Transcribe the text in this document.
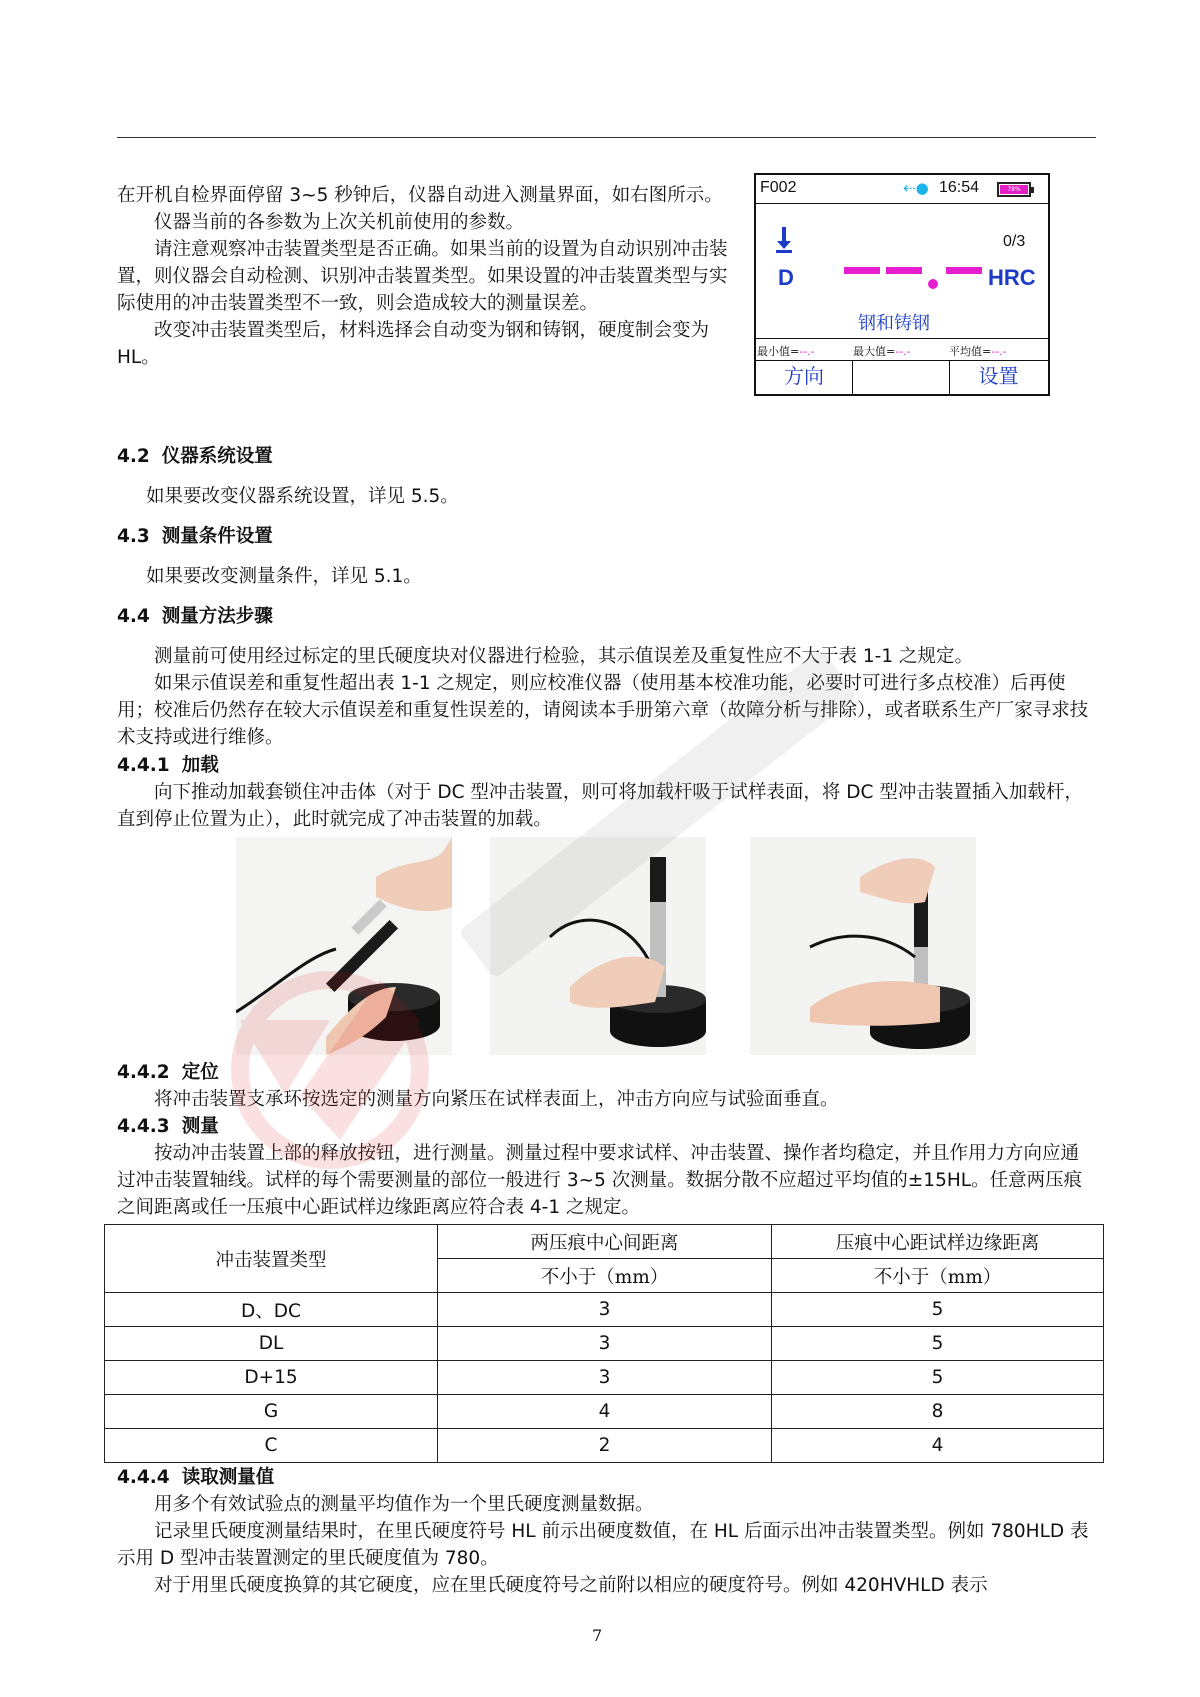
在开机自检界面停留 3~5 秒钟后，仪器自动进入测量界面，如右图所示。

仪器当前的各参数为上次关机前使用的参数。

请注意观察冲击装置类型是否正确。如果当前的设置为自动识别冲击装置，则仪器会自动检测、识别冲击装置类型。如果设置的冲击装置类型与实际使用的冲击装置类型不一致，则会造成较大的测量误差。

改变冲击装置类型后，材料选择会自动变为钢和铸钢，硬度制会变为 HL。

F002	⇠● 16:54	78%
0/3
D	HRC
钢和铸钢
最小值=--.-	最大值=--.-	平均值=--.-
方向	设置
4.2 仪器系统设置
如果要改变仪器系统设置，详见 5.5。
4.3 测量条件设置
如果要改变测量条件，详见 5.1。
4.4 测量方法步骤

测量前可使用经过标定的里氏硬度块对仪器进行检验，其示值误差及重复性应不大于表 1-1 之规定。

如果示值误差和重复性超出表 1-1 之规定，则应校准仪器（使用基本校准功能，必要时可进行多点校准）后再使用；校准后仍然存在较大示值误差和重复性误差的，请阅读本手册第六章（故障分析与排除），或者联系生产厂家寻求技术支持或进行维修。

4.4.1 加载
向下推动加载套锁住冲击体（对于 DC 型冲击装置，则可将加载杆吸于试样表面，将 DC 型冲击装置插入加载杆，直到停止位置为止），此时就完成了冲击装置的加载。
4.4.2 定位
将冲击装置支承环按选定的测量方向紧压在试样表面上，冲击方向应与试验面垂直。
4.4.3 测量
按动冲击装置上部的释放按钮，进行测量。测量过程中要求试样、冲击装置、操作者均稳定，并且作用力方向应通过冲击装置轴线。试样的每个需要测量的部位一般进行 3~5 次测量。数据分散不应超过平均值的±15HL。任意两压痕之间距离或任一压痕中心距试样边缘距离应符合表 4-1 之规定。
冲击装置类型	两压痕中心间距离	压痕中心距试样边缘距离
	不小于（mm）	不小于（mm）
D、DC	3	5
DL	3	5
D+15	3	5
G	4	8
C	2	4
4.4.4 读取测量值

用多个有效试验点的测量平均值作为一个里氏硬度测量数据。

记录里氏硬度测量结果时，在里氏硬度符号 HL 前示出硬度数值，在 HL 后面示出冲击装置类型。例如 780HLD 表示用 D 型冲击装置测定的里氏硬度值为 780。

对于用里氏硬度换算的其它硬度，应在里氏硬度符号之前附以相应的硬度符号。例如 420HVHLD 表示

7
